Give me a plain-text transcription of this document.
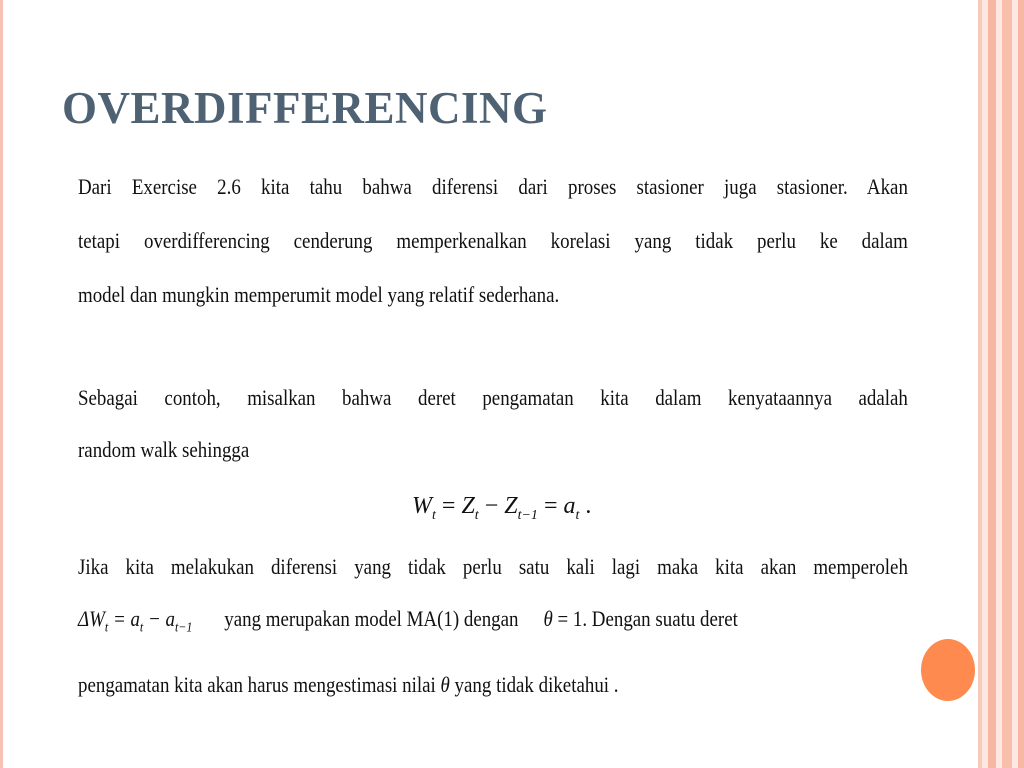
OVERDIFFERENCING
Dari Exercise 2.6 kita tahu bahwa diferensi dari proses stasioner juga stasioner. Akan
tetapi overdifferencing cenderung memperkenalkan korelasi yang tidak perlu ke dalam
model dan mungkin memperumit model yang relatif sederhana.
Sebagai contoh, misalkan bahwa deret pengamatan kita dalam kenyataannya adalah
random walk sehingga
Jika kita melakukan diferensi yang tidak perlu satu kali lagi maka kita akan memperoleh
$\Delta W_t = a_t - a_{t-1}$ yang merupakan model MA(1) dengan θ = 1. Dengan suatu deret
pengamatan kita akan harus mengestimasi nilai θ yang tidak diketahui .
$W_t = Z_t - Z_{t-1} = a_t$ .
